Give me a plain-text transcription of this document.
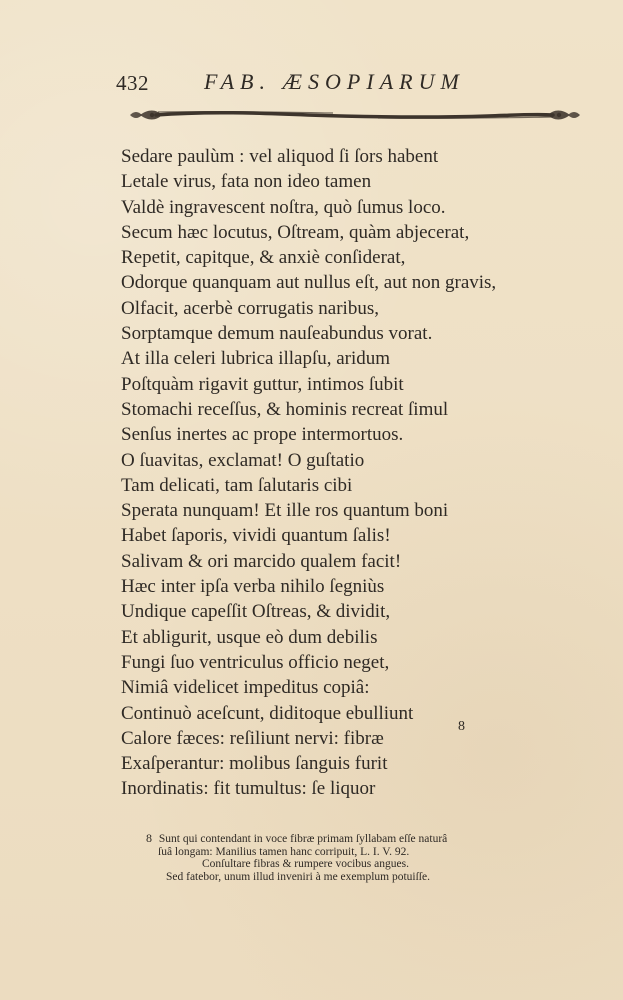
432	FAB. ÆSOPIARUM
Sedare paulùm : vel aliquod ſi ſors habent
Letale virus, fata non ideo tamen
Valdè ingravescent noſtra, quò ſumus loco.
Secum hæc locutus, Oſtream, quàm abjecerat,
Repetit, capitque, & anxiè conſiderat,
Odorque quanquam aut nullus eſt, aut non gravis,
Olfacit, acerbè corrugatis naribus,
Sorptamque demum nauſeabundus vorat.
At illa celeri lubrica illapſu, aridum
Poſtquàm rigavit guttur, intimos ſubit
Stomachi receſſus, & hominis recreat ſimul
Senſus inertes ac prope intermortuos.
O ſuavitas, exclamat! O guſtatio
Tam delicati, tam ſalutaris cibi
Sperata nunquam! Et ille ros quantum boni
Habet ſaporis, vividi quantum ſalis!
Salivam & ori marcido qualem facit!
Hæc inter ipſa verba nihilo ſegniùs
Undique capeſſit Oſtreas, & dividit,
Et abligurit, usque eò dum debilis
Fungi ſuo ventriculus officio neget,
Nimiâ videlicet impeditus copiâ:
Continuò aceſcunt, diditoque ebulliunt
Calore fæces: reſiliunt nervi: fibræ
8
Exaſperantur: molibus ſanguis furit
Inordinatis: fit tumultus: ſe liquor
8 Sunt qui contendant in voce fibræ primam ſyllabam eſſe naturâ
ſuâ longam: Manilius tamen hanc corripuit, L. I. V. 92.
Conſultare fibras & rumpere vocibus angues.
Sed fatebor, unum illud inveniri à me exemplum potuiſſe.
